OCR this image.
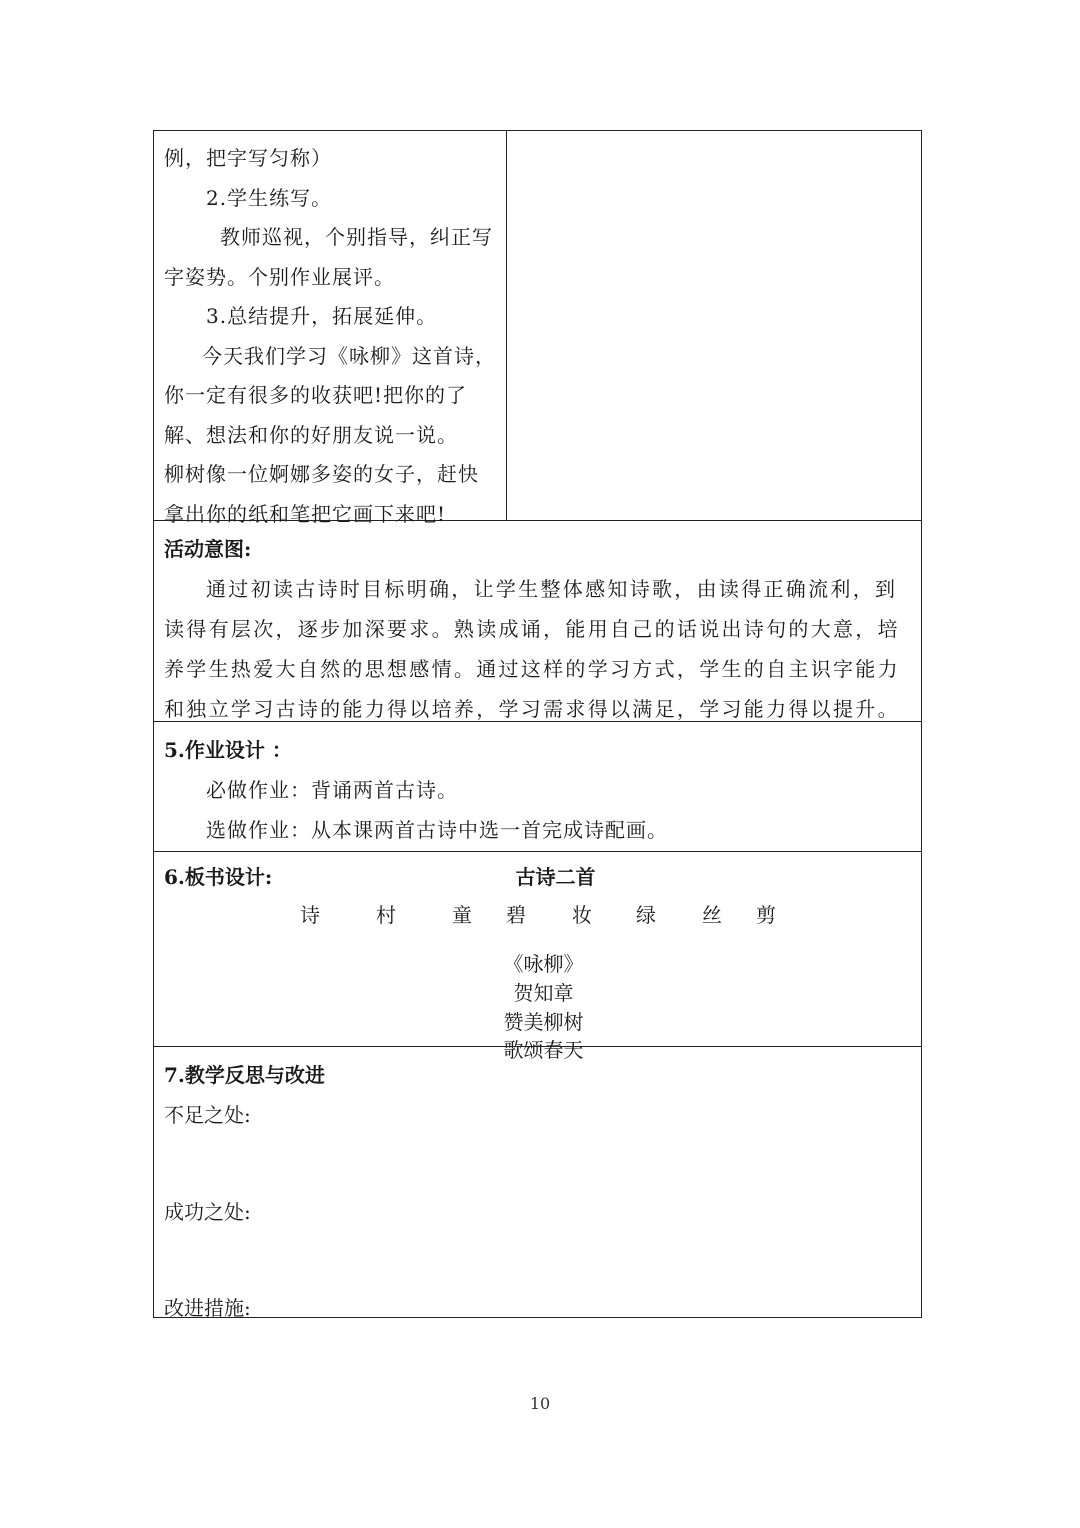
例，把字写匀称）
2.学生练写。
教师巡视，个别指导，纠正写
字姿势。个别作业展评。
3.总结提升，拓展延伸。
今天我们学习《咏柳》这首诗，
你一定有很多的收获吧!把你的了
解、想法和你的好朋友说一说。
柳树像一位婀娜多姿的女子，赶快
拿出你的纸和笔把它画下来吧!
活动意图:

通过初读古诗时目标明确，让学生整体感知诗歌，由读得正确流利，到读得有层次，逐步加深要求。熟读成诵，能用自己的话说出诗句的大意，培养学生热爱大自然的思想感情。通过这样的学习方式，学生的自主识字能力和独立学习古诗的能力得以培养，学习需求得以满足，学习能力得以提升。

5.作业设计 ：
必做作业：背诵两首古诗。
选做作业：从本课两首古诗中选一首完成诗配画。
6.板书设计:	古诗二首
诗	村	童 碧 妆 绿 丝 剪
《咏柳》
贺知章
赞美柳树
歌颂春天
7.教学反思与改进
不足之处:
成功之处:
改进措施:
10
